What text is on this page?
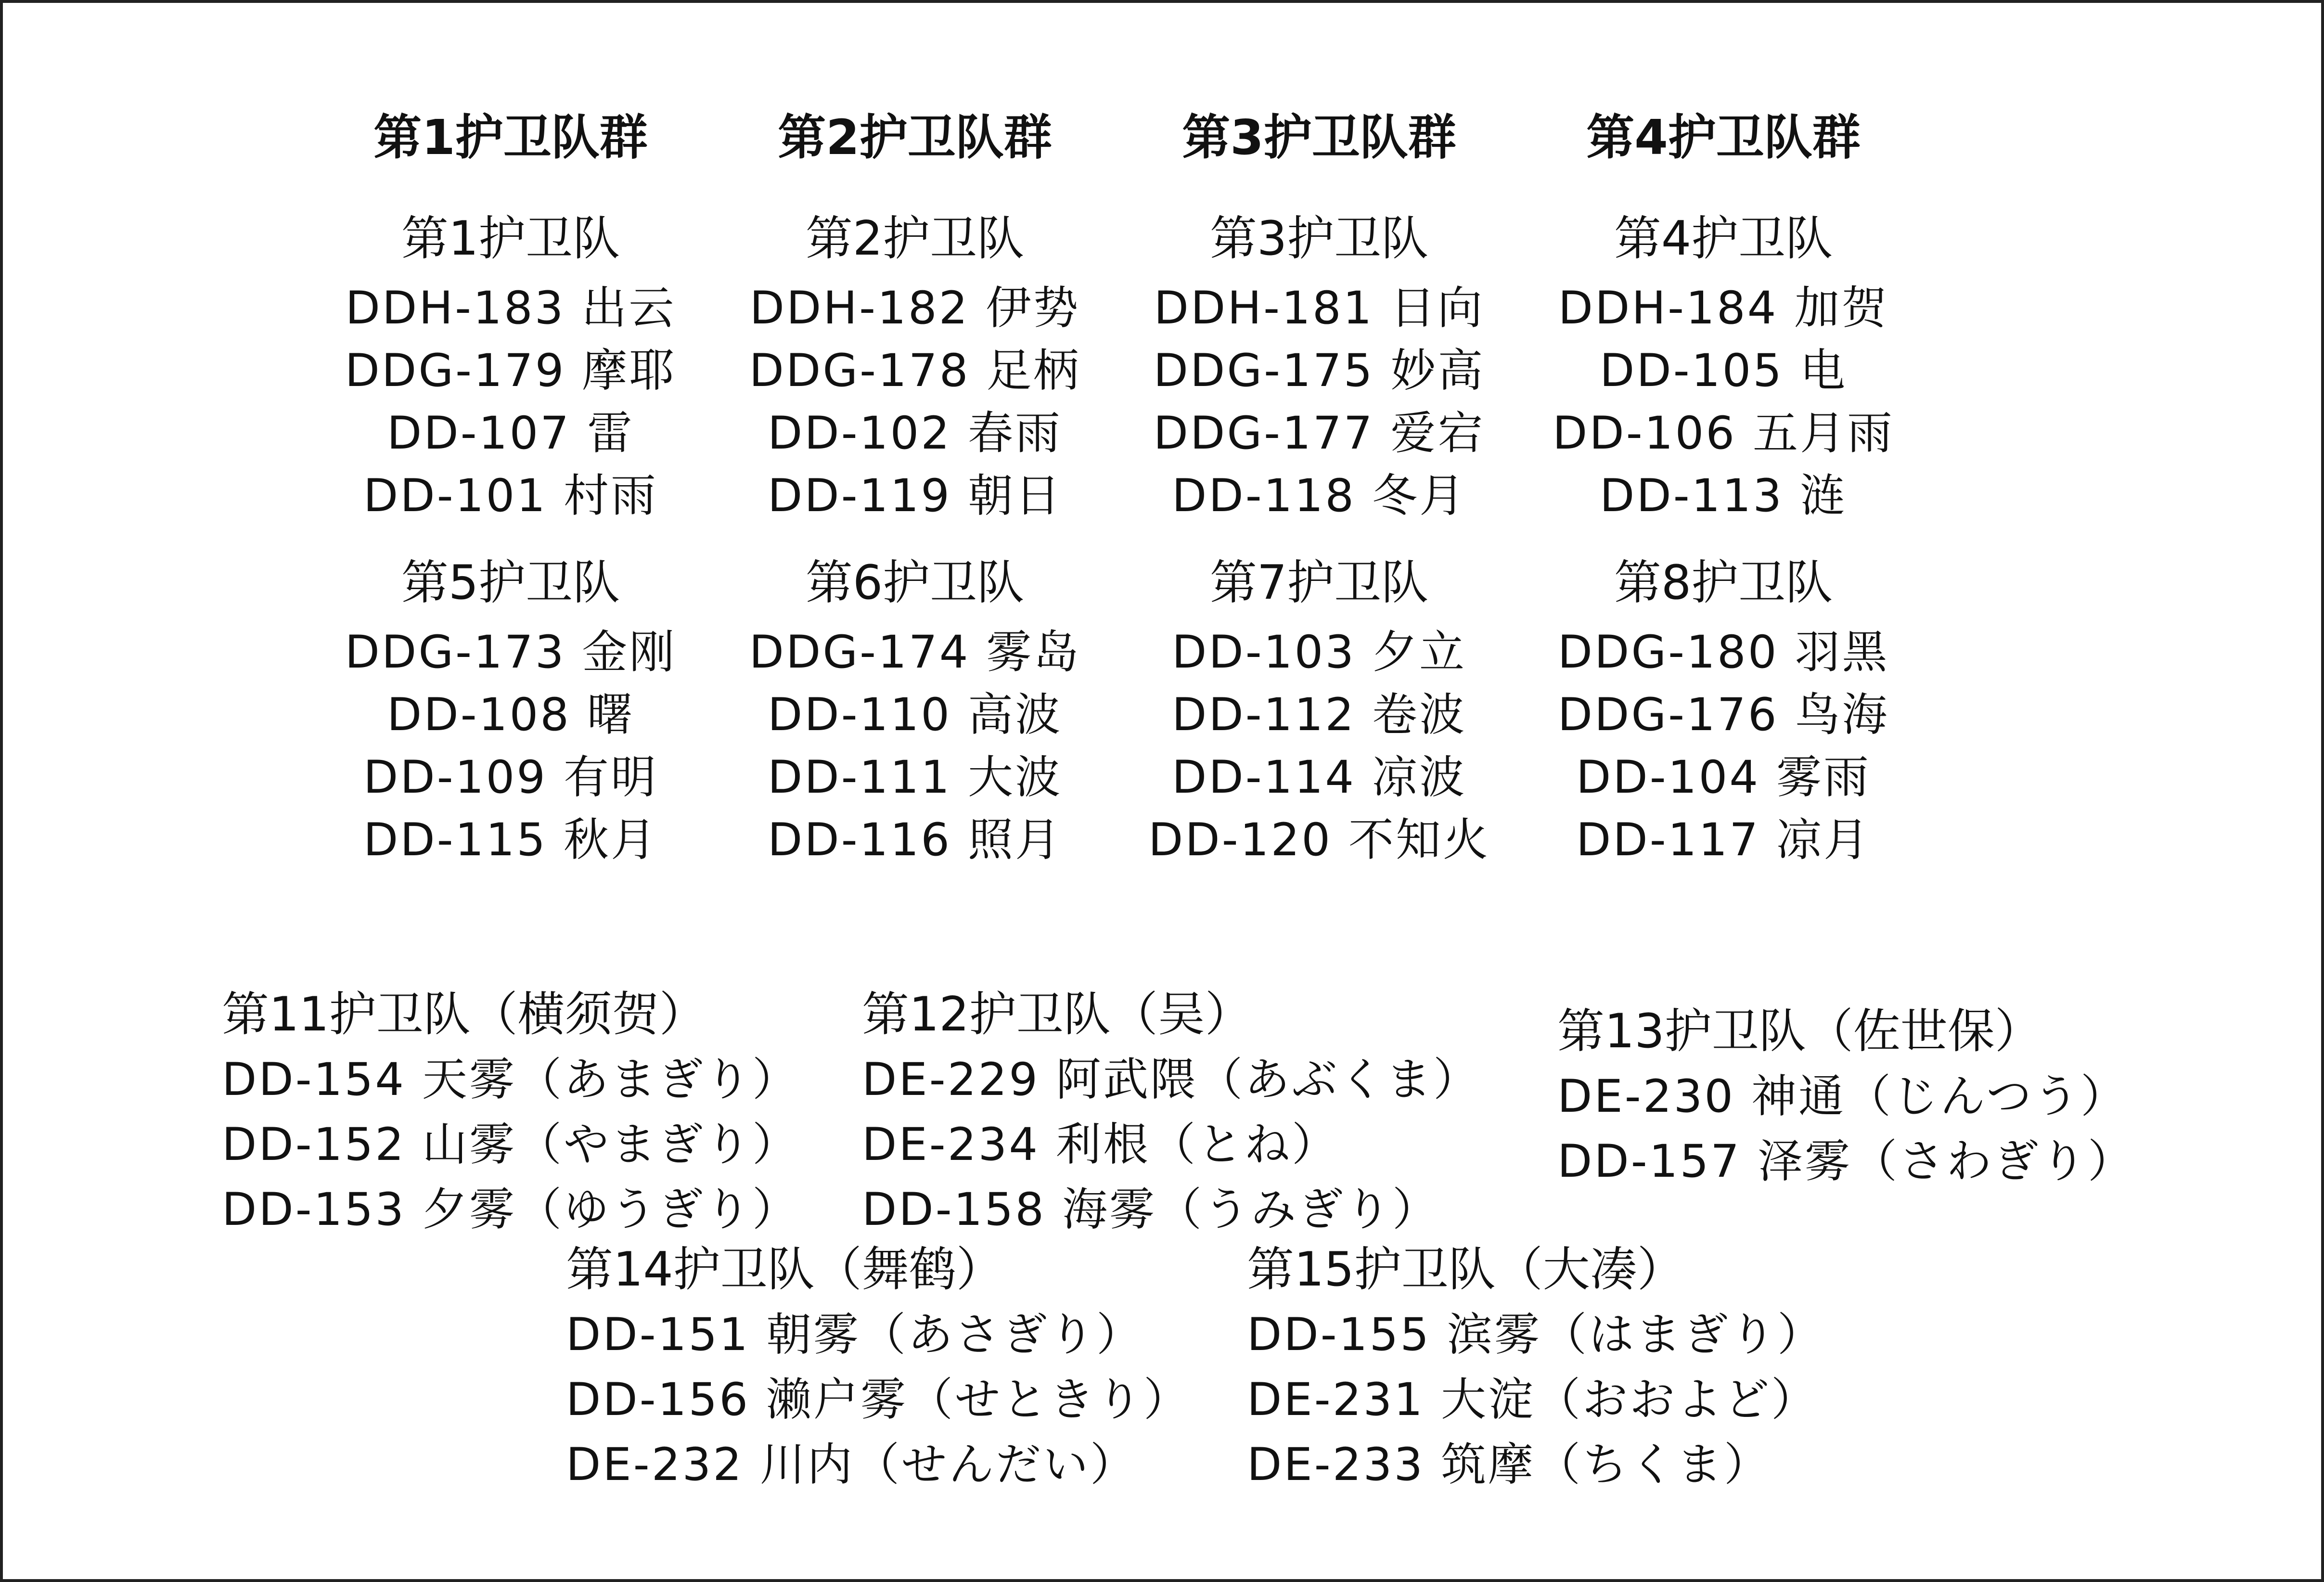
第1护卫队群
第1护卫队
DDH-183 出云
DDG-179 摩耶
DD-107 雷
DD-101 村雨
第5护卫队
DDG-173 金刚
DD-108 曙
DD-109 有明
DD-115 秋月
第2护卫队群
第2护卫队
DDH-182 伊势
DDG-178 足柄
DD-102 春雨
DD-119 朝日
第6护卫队
DDG-174 雾岛
DD-110 高波
DD-111 大波
DD-116 照月
第3护卫队群
第3护卫队
DDH-181 日向
DDG-175 妙高
DDG-177 爱宕
DD-118 冬月
第7护卫队
DD-103 夕立
DD-112 卷波
DD-114 凉波
DD-120 不知火
第4护卫队群
第4护卫队
DDH-184 加贺
DD-105 电
DD-106 五月雨
DD-113 涟
第8护卫队
DDG-180 羽黑
DDG-176 鸟海
DD-104 雾雨
DD-117 凉月
第11护卫队（横须贺）
DD-154 天雾（あまぎり）
DD-152 山雾（やまぎり）
DD-153 夕雾（ゆうぎり）
第12护卫队（吴）
DE-229 阿武隈（あぶくま）
DE-234 利根（とね）
DD-158 海雾（うみぎり）
第13护卫队（佐世保）
DE-230 神通（じんつう）
DD-157 泽雾（さわぎり）
第14护卫队（舞鹤）
DD-151 朝雾（あさぎり）
DD-156 濑户雾（せときり）
DE-232 川内（せんだい）
第15护卫队（大凑）
DD-155 滨雾（はまぎり）
DE-231 大淀（おおよど）
DE-233 筑摩（ちくま）
